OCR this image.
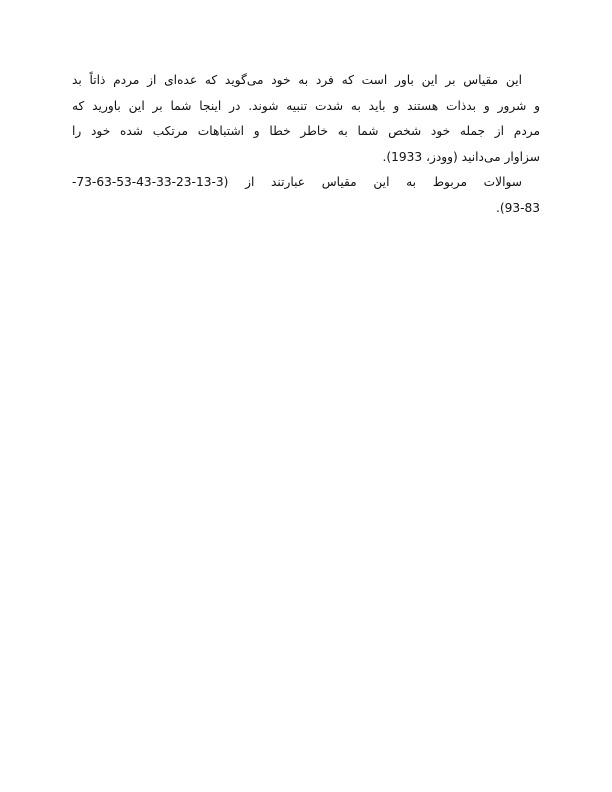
این مقیاس بر این باور است که فرد به خود می‌گوید که عده‌ای از مردم ذاتاً بد
و شرور و بدذات هستند و باید به شدت تنبیه شوند. در اینجا شما بر این باورید که
مردم از جمله خود شخص شما به خاطر خطا و اشتباهات مرتکب شده خود را
سزاوار می‌دانید (وودز، 1933).
سوالات مربوط به این مقیاس عبارتند از (3-13-23-33-43-53-63-73-
.(93-83
